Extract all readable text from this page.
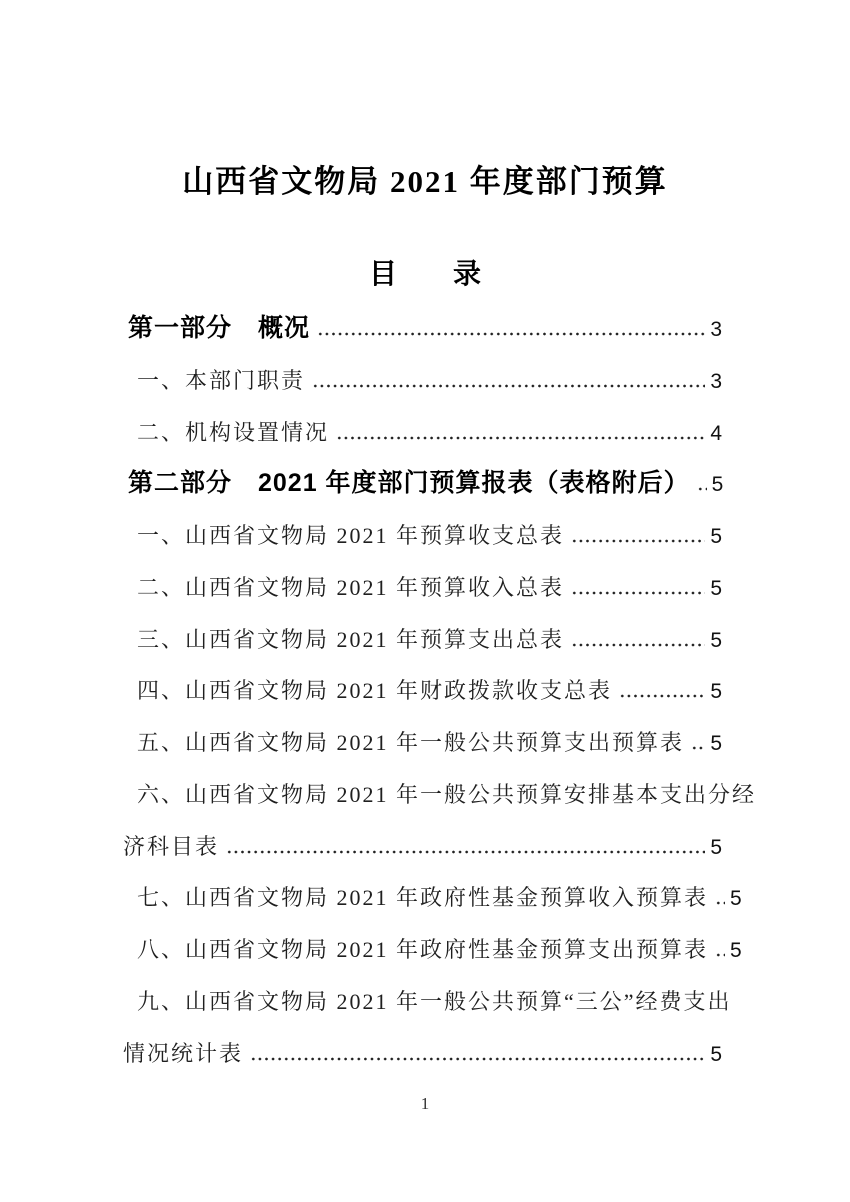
山西省文物局 2021 年度部门预算
目　　录
第一部分　概况	3
一、本部门职责	3
二、机构设置情况	4
第二部分　2021 年度部门预算报表（表格附后） 5
一、山西省文物局 2021 年预算收支总表	5
二、山西省文物局 2021 年预算收入总表	5
三、山西省文物局 2021 年预算支出总表	5
四、山西省文物局 2021 年财政拨款收支总表	5
五、山西省文物局 2021 年一般公共预算支出预算表 5
六、山西省文物局 2021 年一般公共预算安排基本支出分经
济科目表	5
七、山西省文物局 2021 年政府性基金预算收入预算表 5
八、山西省文物局 2021 年政府性基金预算支出预算表 5
九、山西省文物局 2021 年一般公共预算“三公”经费支出
情况统计表	5
1
